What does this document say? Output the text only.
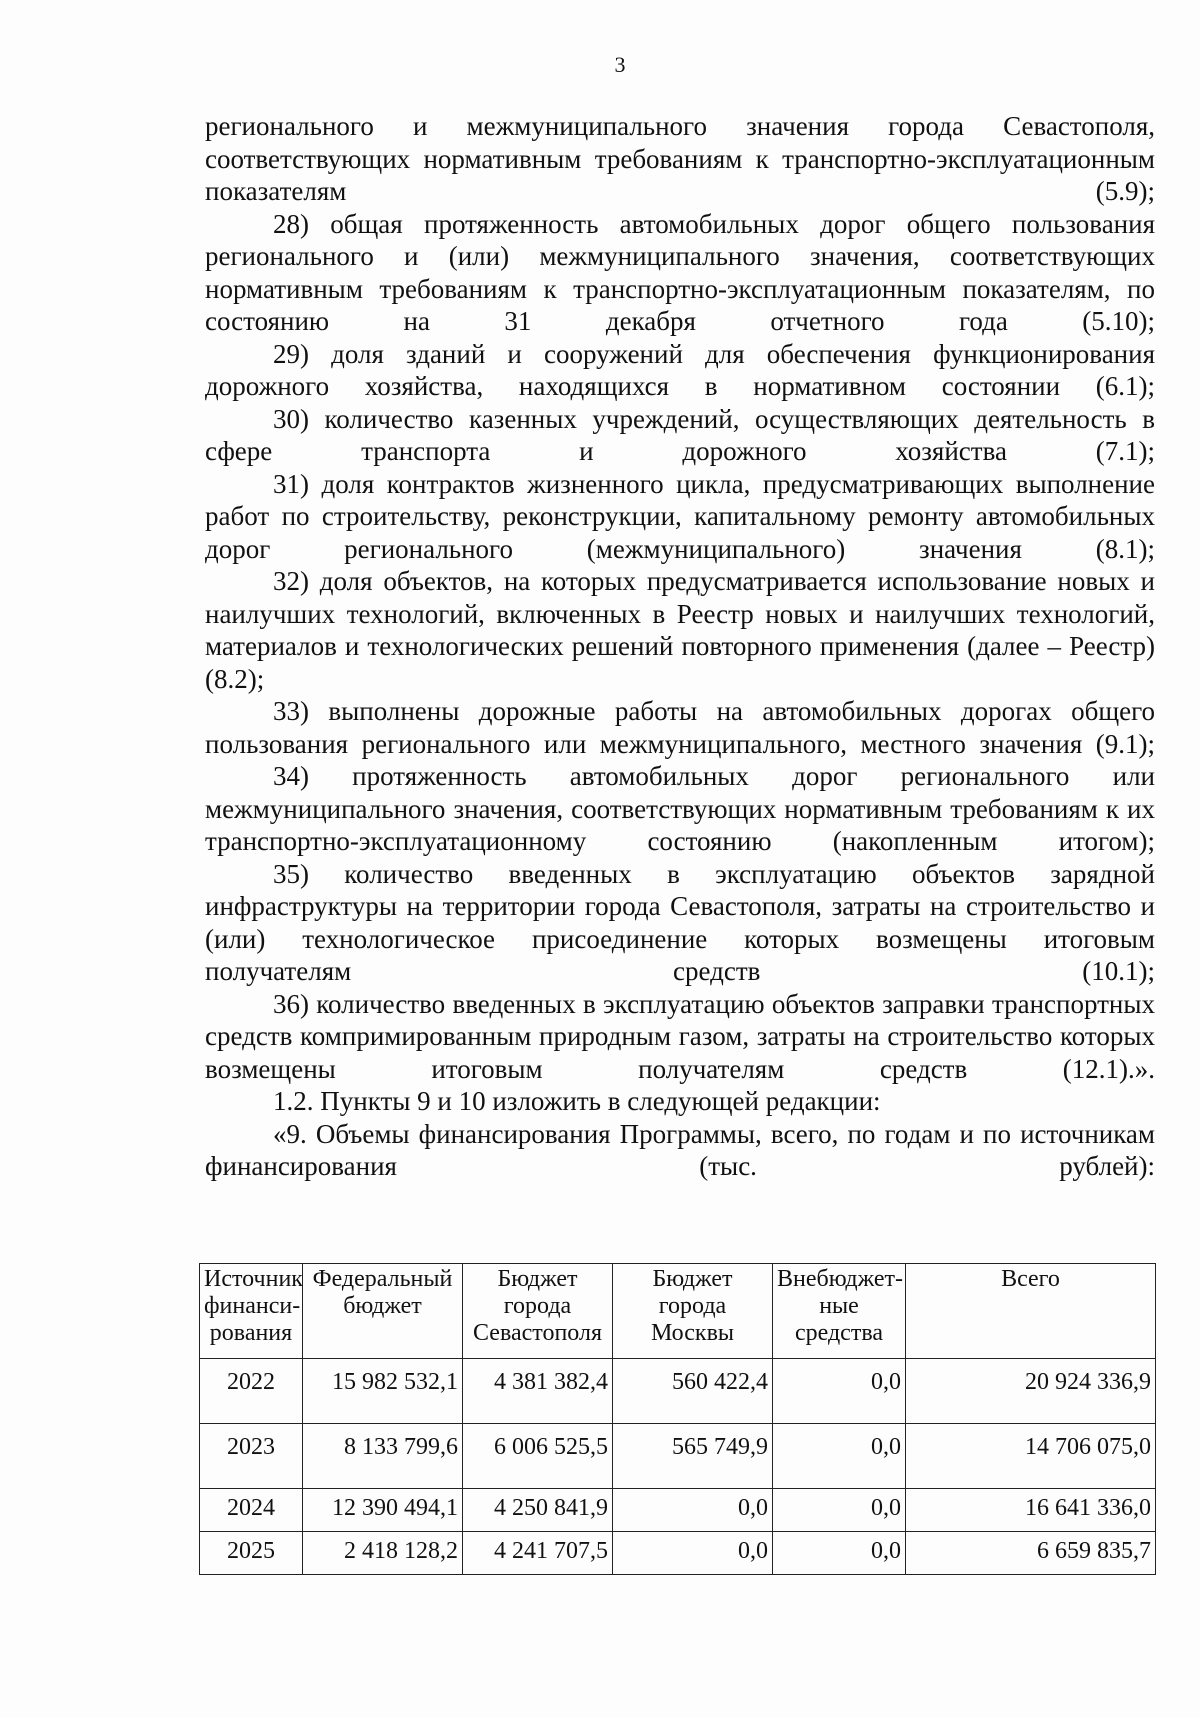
3

регионального и межмуниципального значения города Севастополя, соответствующих нормативным требованиям к транспортно-эксплуатационным показателям (5.9);

28) общая протяженность автомобильных дорог общего пользования регионального и (или) межмуниципального значения, соответствующих нормативным требованиям к транспортно-эксплуатационным показателям, по состоянию на 31 декабря отчетного года (5.10);

29) доля зданий и сооружений для обеспечения функционирования дорожного хозяйства, находящихся в нормативном состоянии (6.1);

30) количество казенных учреждений, осуществляющих деятельность в сфере транспорта и дорожного хозяйства (7.1);

31) доля контрактов жизненного цикла, предусматривающих выполнение работ по строительству, реконструкции, капитальному ремонту автомобильных дорог регионального (межмуниципального) значения (8.1);

32) доля объектов, на которых предусматривается использование новых и наилучших технологий, включенных в Реестр новых и наилучших технологий, материалов и технологических решений повторного применения (далее – Реестр) (8.2);

33) выполнены дорожные работы на автомобильных дорогах общего пользования регионального или межмуниципального, местного значения (9.1);

34) протяженность автомобильных дорог регионального или межмуниципального значения, соответствующих нормативным требованиям к их транспортно-эксплуатационному состоянию (накопленным итогом);

35) количество введенных в эксплуатацию объектов зарядной инфраструктуры на территории города Севастополя, затраты на строительство и (или) технологическое присоединение которых возмещены итоговым получателям средств (10.1);

36) количество введенных в эксплуатацию объектов заправки транспортных средств компримированным природным газом, затраты на строительство которых возмещены итоговым получателям средств (12.1).».

1.2. Пункты 9 и 10 изложить в следующей редакции:

«9. Объемы финансирования Программы, всего, по годам и по источникам финансирования (тыс. рублей):

Источник финанси-рования	Федеральный бюджет	Бюджет города Севастополя	Бюджет города Москвы	Внебюджет-ные средства	Всего
2022	15 982 532,1	4 381 382,4	560 422,4	0,0	20 924 336,9
2023	8 133 799,6	6 006 525,5	565 749,9	0,0	14 706 075,0
2024	12 390 494,1	4 250 841,9	0,0	0,0	16 641 336,0
2025	2 418 128,2	4 241 707,5	0,0	0,0	6 659 835,7
